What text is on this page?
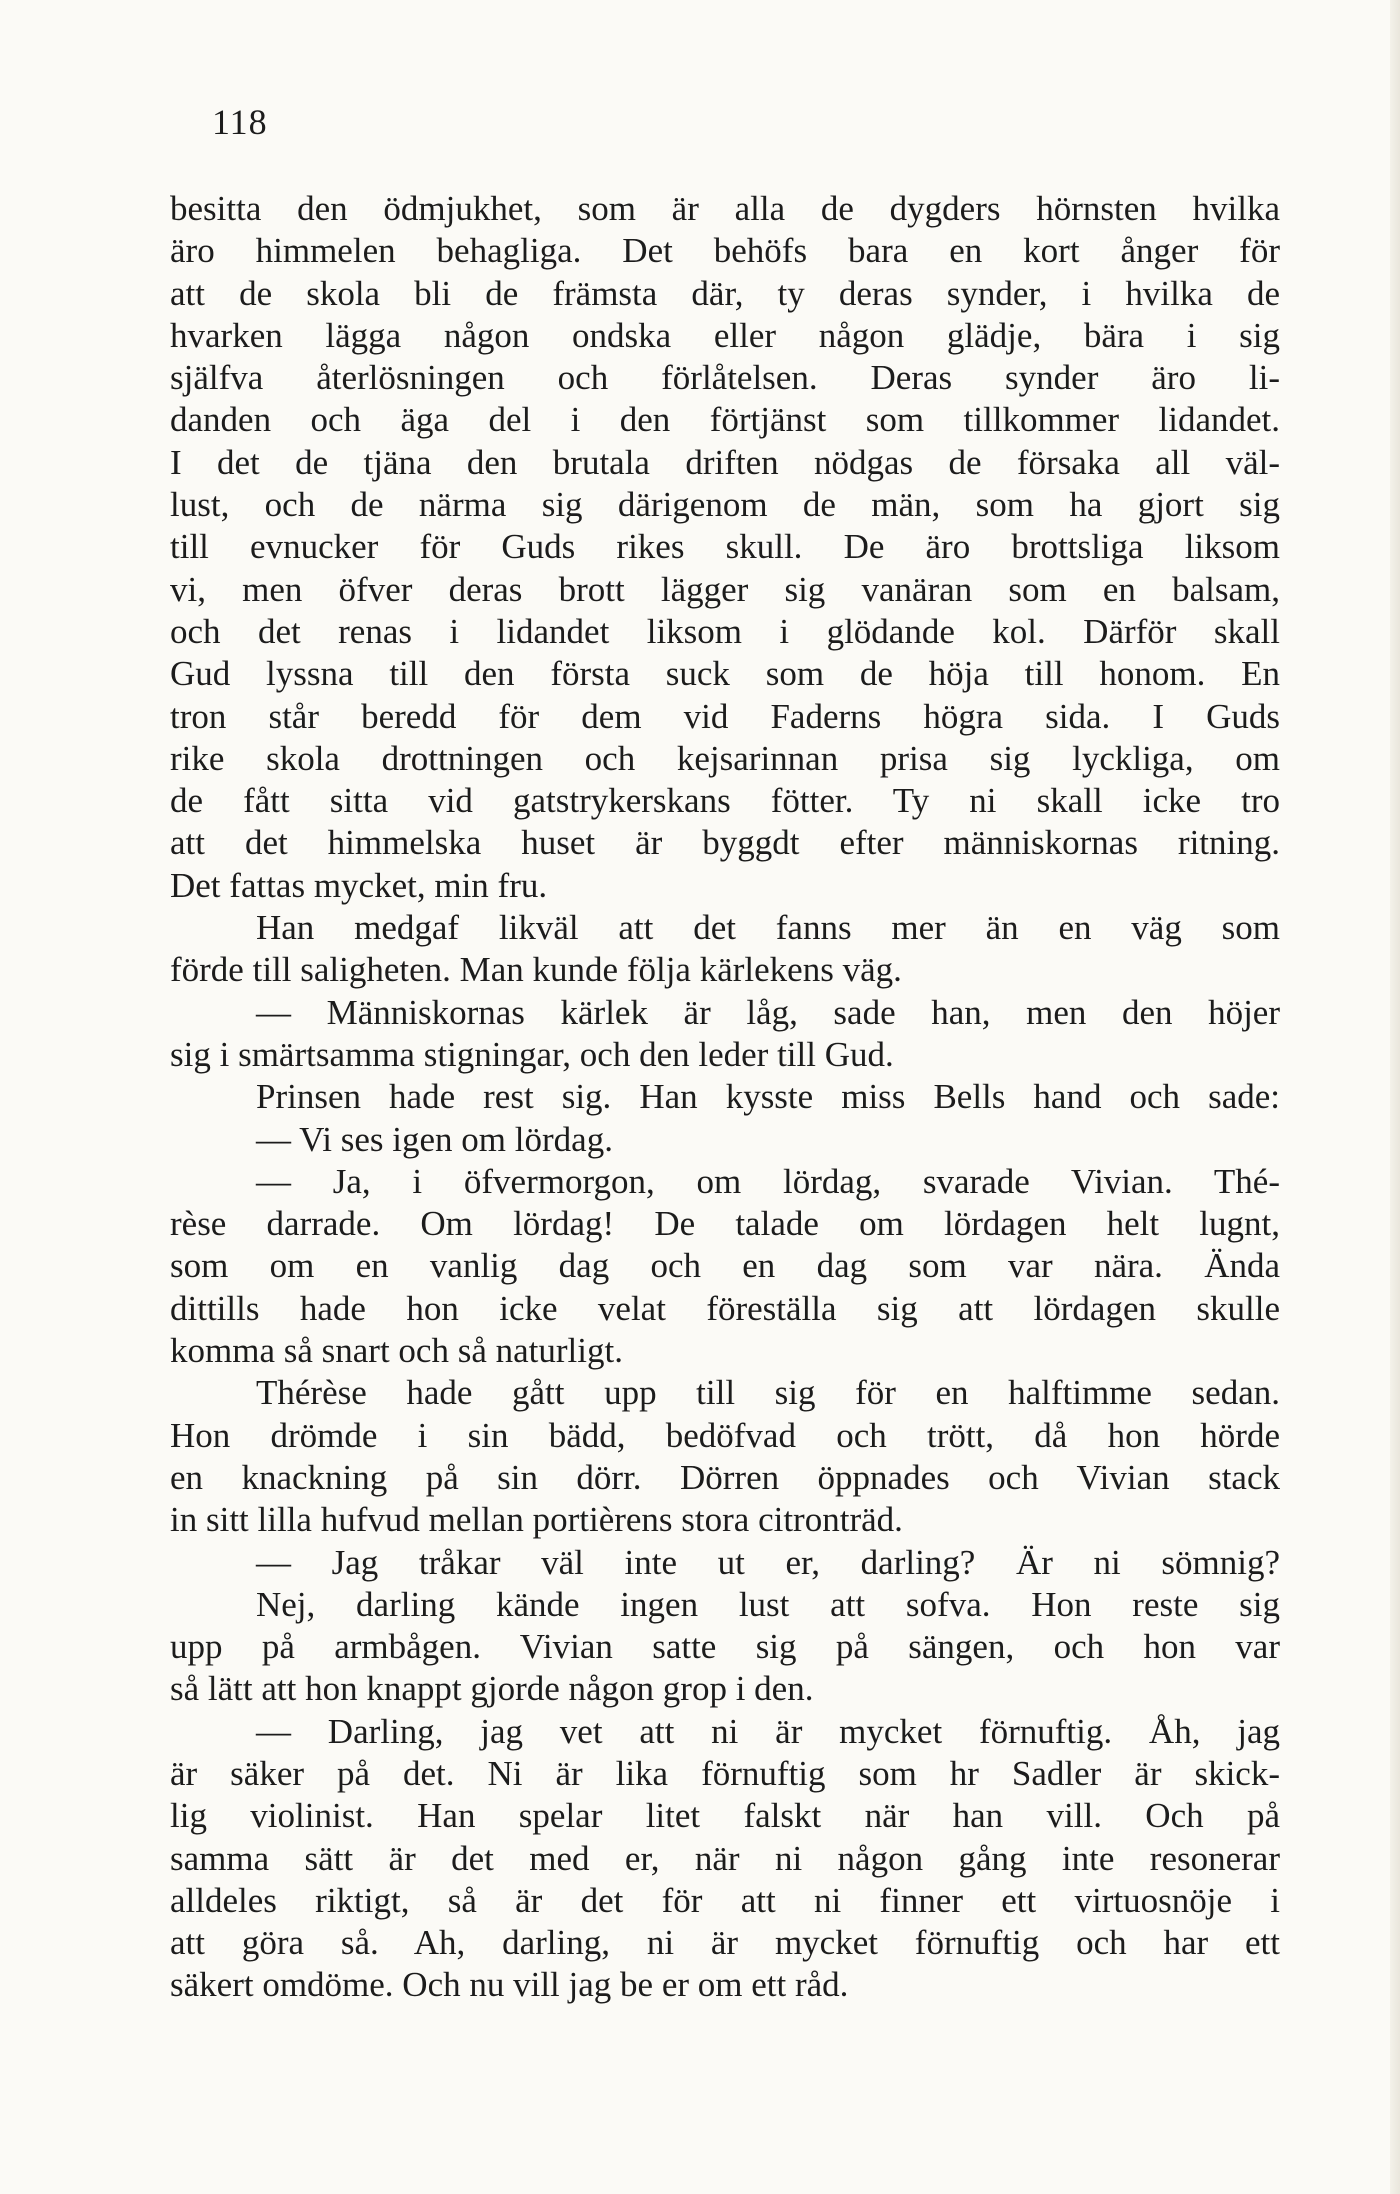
118
besitta den ödmjukhet, som är alla de dygders hörnsten hvilka
äro himmelen behagliga. Det behöfs bara en kort ånger för
att de skola bli de främsta där, ty deras synder, i hvilka de
hvarken lägga någon ondska eller någon glädje, bära i sig
själfva återlösningen och förlåtelsen. Deras synder äro li-
danden och äga del i den förtjänst som tillkommer lidandet.
I det de tjäna den brutala driften nödgas de försaka all väl-
lust, och de närma sig därigenom de män, som ha gjort sig
till evnucker för Guds rikes skull. De äro brottsliga liksom
vi, men öfver deras brott lägger sig vanäran som en balsam,
och det renas i lidandet liksom i glödande kol. Därför skall
Gud lyssna till den första suck som de höja till honom. En
tron står beredd för dem vid Faderns högra sida. I Guds
rike skola drottningen och kejsarinnan prisa sig lyckliga, om
de fått sitta vid gatstrykerskans fötter. Ty ni skall icke tro
att det himmelska huset är byggdt efter människornas ritning.
Det fattas mycket, min fru.
Han medgaf likväl att det fanns mer än en väg som
förde till saligheten. Man kunde följa kärlekens väg.
— Människornas kärlek är låg, sade han, men den höjer
sig i smärtsamma stigningar, och den leder till Gud.
Prinsen hade rest sig. Han kysste miss Bells hand och sade:
— Vi ses igen om lördag.
— Ja, i öfvermorgon, om lördag, svarade Vivian. Thé-
rèse darrade. Om lördag! De talade om lördagen helt lugnt,
som om en vanlig dag och en dag som var nära. Ända
dittills hade hon icke velat föreställa sig att lördagen skulle
komma så snart och så naturligt.
Thérèse hade gått upp till sig för en halftimme sedan.
Hon drömde i sin bädd, bedöfvad och trött, då hon hörde
en knackning på sin dörr. Dörren öppnades och Vivian stack
in sitt lilla hufvud mellan portièrens stora citronträd.
— Jag tråkar väl inte ut er, darling? Är ni sömnig?
Nej, darling kände ingen lust att sofva. Hon reste sig
upp på armbågen. Vivian satte sig på sängen, och hon var
så lätt att hon knappt gjorde någon grop i den.
— Darling, jag vet att ni är mycket förnuftig. Åh, jag
är säker på det. Ni är lika förnuftig som hr Sadler är skick-
lig violinist. Han spelar litet falskt när han vill. Och på
samma sätt är det med er, när ni någon gång inte resonerar
alldeles riktigt, så är det för att ni finner ett virtuosnöje i
att göra så. Ah, darling, ni är mycket förnuftig och har ett
säkert omdöme. Och nu vill jag be er om ett råd.
